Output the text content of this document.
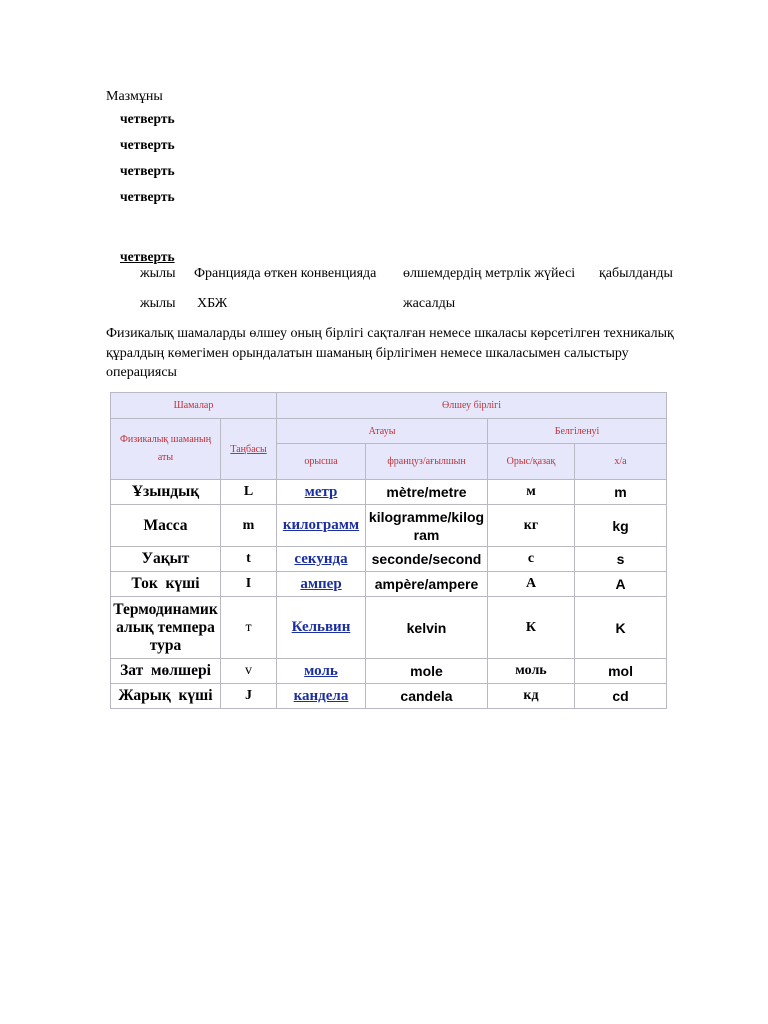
Мазмұны
четверть
четверть
четверть
четверть
четверть
жылы Францияда өткен конвенцияда өлшемдердің метрлік жүйесі қабылданды
жылы ХБЖ	жасалды
Физикалық шамаларды өлшеу оның бірлігі сақталған немесе шкаласы көрсетілген техникалық құралдың көмегімен орындалатын шаманың бірлігімен немесе шкаласымен салыстыру операциясы
Шамалар		Өлшеу бірлігі			
Физикалық шаманың аты	Таңбасы	Атауы		Белгіленуі	
		орысша	француз/ағылшын	Орыс/қазақ	х/а
Ұзындық	L	метр	mètre/metre	м	m
Масса	m	килограмм	kilogramme/kilogram	кг	kg
Уақыт	t	секунда	seconde/second	с	s
Ток  күші	I	ампер	ampère/ampere	А	A
Термодинамикалық температура	т	Кельвин	kelvin	К	K
Зат  мөлшері	v	моль	mole	моль	mol
Жарық  күші	J	кандела	candela	кд	cd
